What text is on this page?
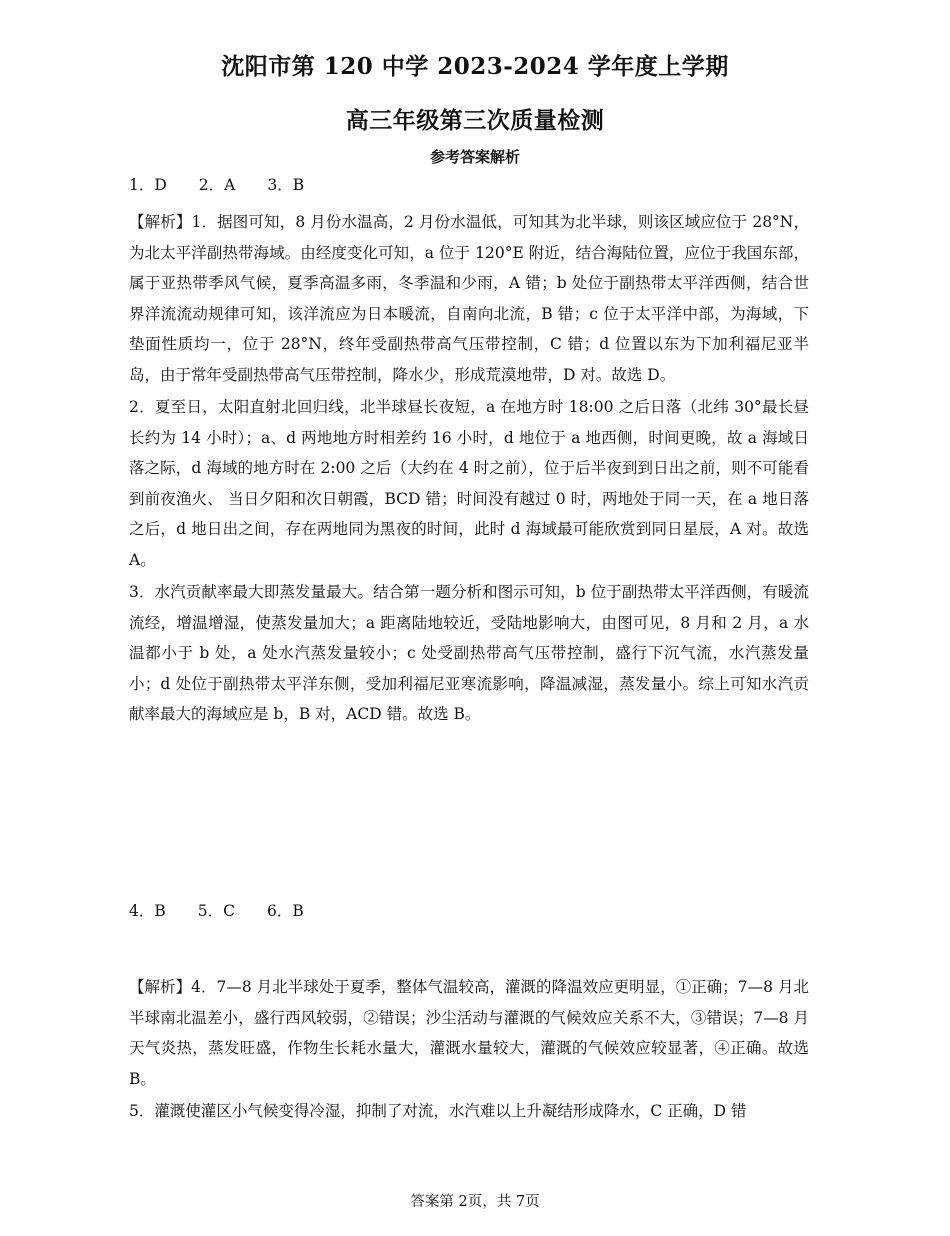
沈阳市第 120 中学 2023-2024 学年度上学期
高三年级第三次质量检测
参考答案解析
1．D 2．A 3．B

【解析】1．据图可知，8 月份水温高，2 月份水温低，可知其为北半球，则该区域应位于 28°N，为北太平洋副热带海域。由经度变化可知，a 位于 120°E 附近，结合海陆位置，应位于我国东部，属于亚热带季风气候，夏季高温多雨，冬季温和少雨，A 错；b 处位于副热带太平洋西侧，结合世界洋流流动规律可知，该洋流应为日本暖流，自南向北流，B 错；c 位于太平洋中部，为海域，下垫面性质均一，位于 28°N，终年受副热带高气压带控制，C 错；d 位置以东为下加利福尼亚半岛，由于常年受副热带高气压带控制，降水少，形成荒漠地带，D 对。故选 D。

2．夏至日，太阳直射北回归线，北半球昼长夜短，a 在地方时 18:00 之后日落（北纬 30°最长昼长约为 14 小时）；a、d 两地地方时相差约 16 小时，d 地位于 a 地西侧，时间更晚，故 a 海域日落之际，d 海域的地方时在 2:00 之后（大约在 4 时之前），位于后半夜到到日出之前，则不可能看到前夜渔火、 当日夕阳和次日朝霞，BCD 错；时间没有越过 0 时，两地处于同一天，在 a 地日落之后，d 地日出之间，存在两地同为黑夜的时间，此时 d 海域最可能欣赏到同日星辰，A 对。故选 A。

3．水汽贡献率最大即蒸发量最大。结合第一题分析和图示可知，b 位于副热带太平洋西侧，有暖流流经，增温增湿，使蒸发量加大；a 距离陆地较近，受陆地影响大，由图可见，8 月和 2 月，a 水温都小于 b 处，a 处水汽蒸发量较小；c 处受副热带高气压带控制，盛行下沉气流，水汽蒸发量小；d 处位于副热带太平洋东侧，受加利福尼亚寒流影响，降温减湿，蒸发量小。综上可知水汽贡献率最大的海域应是 b，B 对，ACD 错。故选 B。

4．B 5．C 6．B

【解析】4．7—8 月北半球处于夏季，整体气温较高，灌溉的降温效应更明显，①正确；7—8 月北半球南北温差小，盛行西风较弱，②错误；沙尘活动与灌溉的气候效应关系不大，③错误；7—8 月天气炎热，蒸发旺盛，作物生长耗水量大，灌溉水量较大，灌溉的气候效应较显著，④正确。故选 B。

5．灌溉使灌区小气候变得冷湿，抑制了对流，水汽难以上升凝结形成降水，C 正确，D 错

答案第 2页，共 7页
